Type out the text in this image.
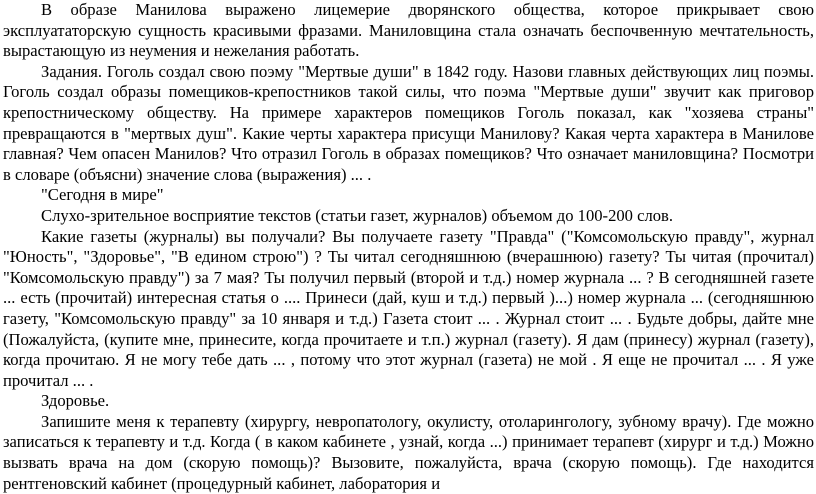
В образе Манилова выражено лицемерие дворянского общества, которое прикрывает свою эксплуататорскую сущность красивыми фразами. Маниловщина стала означать беспочвенную мечтательность, вырастающую из неумения и нежелания работать.

Задания. Гоголь создал свою поэму "Мертвые души" в 1842 году. Назови главных действующих лиц поэмы. Гоголь создал образы помещиков-крепостников такой силы, что поэма "Мертвые души" звучит как приговор крепостническому обществу. На примере характеров помещиков Гоголь показал, как "хозяева страны" превращаются в "мертвых душ". Какие черты характера присущи Манилову? Какая черта характера в Манилове главная? Чем опасен Манилов? Что отразил Гоголь в образах помещиков? Что означает маниловщина? Посмотри в словаре (объясни) значение слова (выражения) ... .

"Сегодня в мире"

Слухо-зрительное восприятие текстов (статьи газет, журналов) объемом до 100-200 слов.

Какие газеты (журналы) вы получали? Вы получаете газету "Правда" ("Комсомольскую правду", журнал "Юность", "Здоровье", "В едином строю") ? Ты читал сегодняшнюю (вчерашнюю) газету? Ты читая (прочитал) "Комсомольскую правду") за 7 мая? Ты получил первый (второй и т.д.) номер журнала ... ? В сегодняшней газете ... есть (прочитай) интересная статья о .... Принеси (дай, куш и т.д.) первый )...) номер журнала ... (сегодняшнюю газету, "Комсомольскую правду" за 10 января и т.д.) Газета стоит ... . Журнал стоит ... . Будьте добры, дайте мне (Пожалуйста, (купите мне, принесите, когда прочитаете и т.п.) журнал (газету). Я дам (принесу) журнал (газету), когда прочитаю. Я не могу тебе дать ... , потому что этот журнал (газета) не мой . Я еще не прочитал ... . Я уже прочитал ... .

Здоровье.

Запишите меня к терапевту (хирургу, невропатологу, окулисту, отоларингологу, зубному врачу). Где можно записаться к терапевту и т.д. Когда ( в каком кабинете , узнай, когда ...) принимает терапевт (хирург и т.д.) Можно вызвать врача на дом (скорую помощь)? Вызовите, пожалуйста, врача (скорую помощь). Где находится рентгеновский кабинет (процедурный кабинет, лаборатория и
